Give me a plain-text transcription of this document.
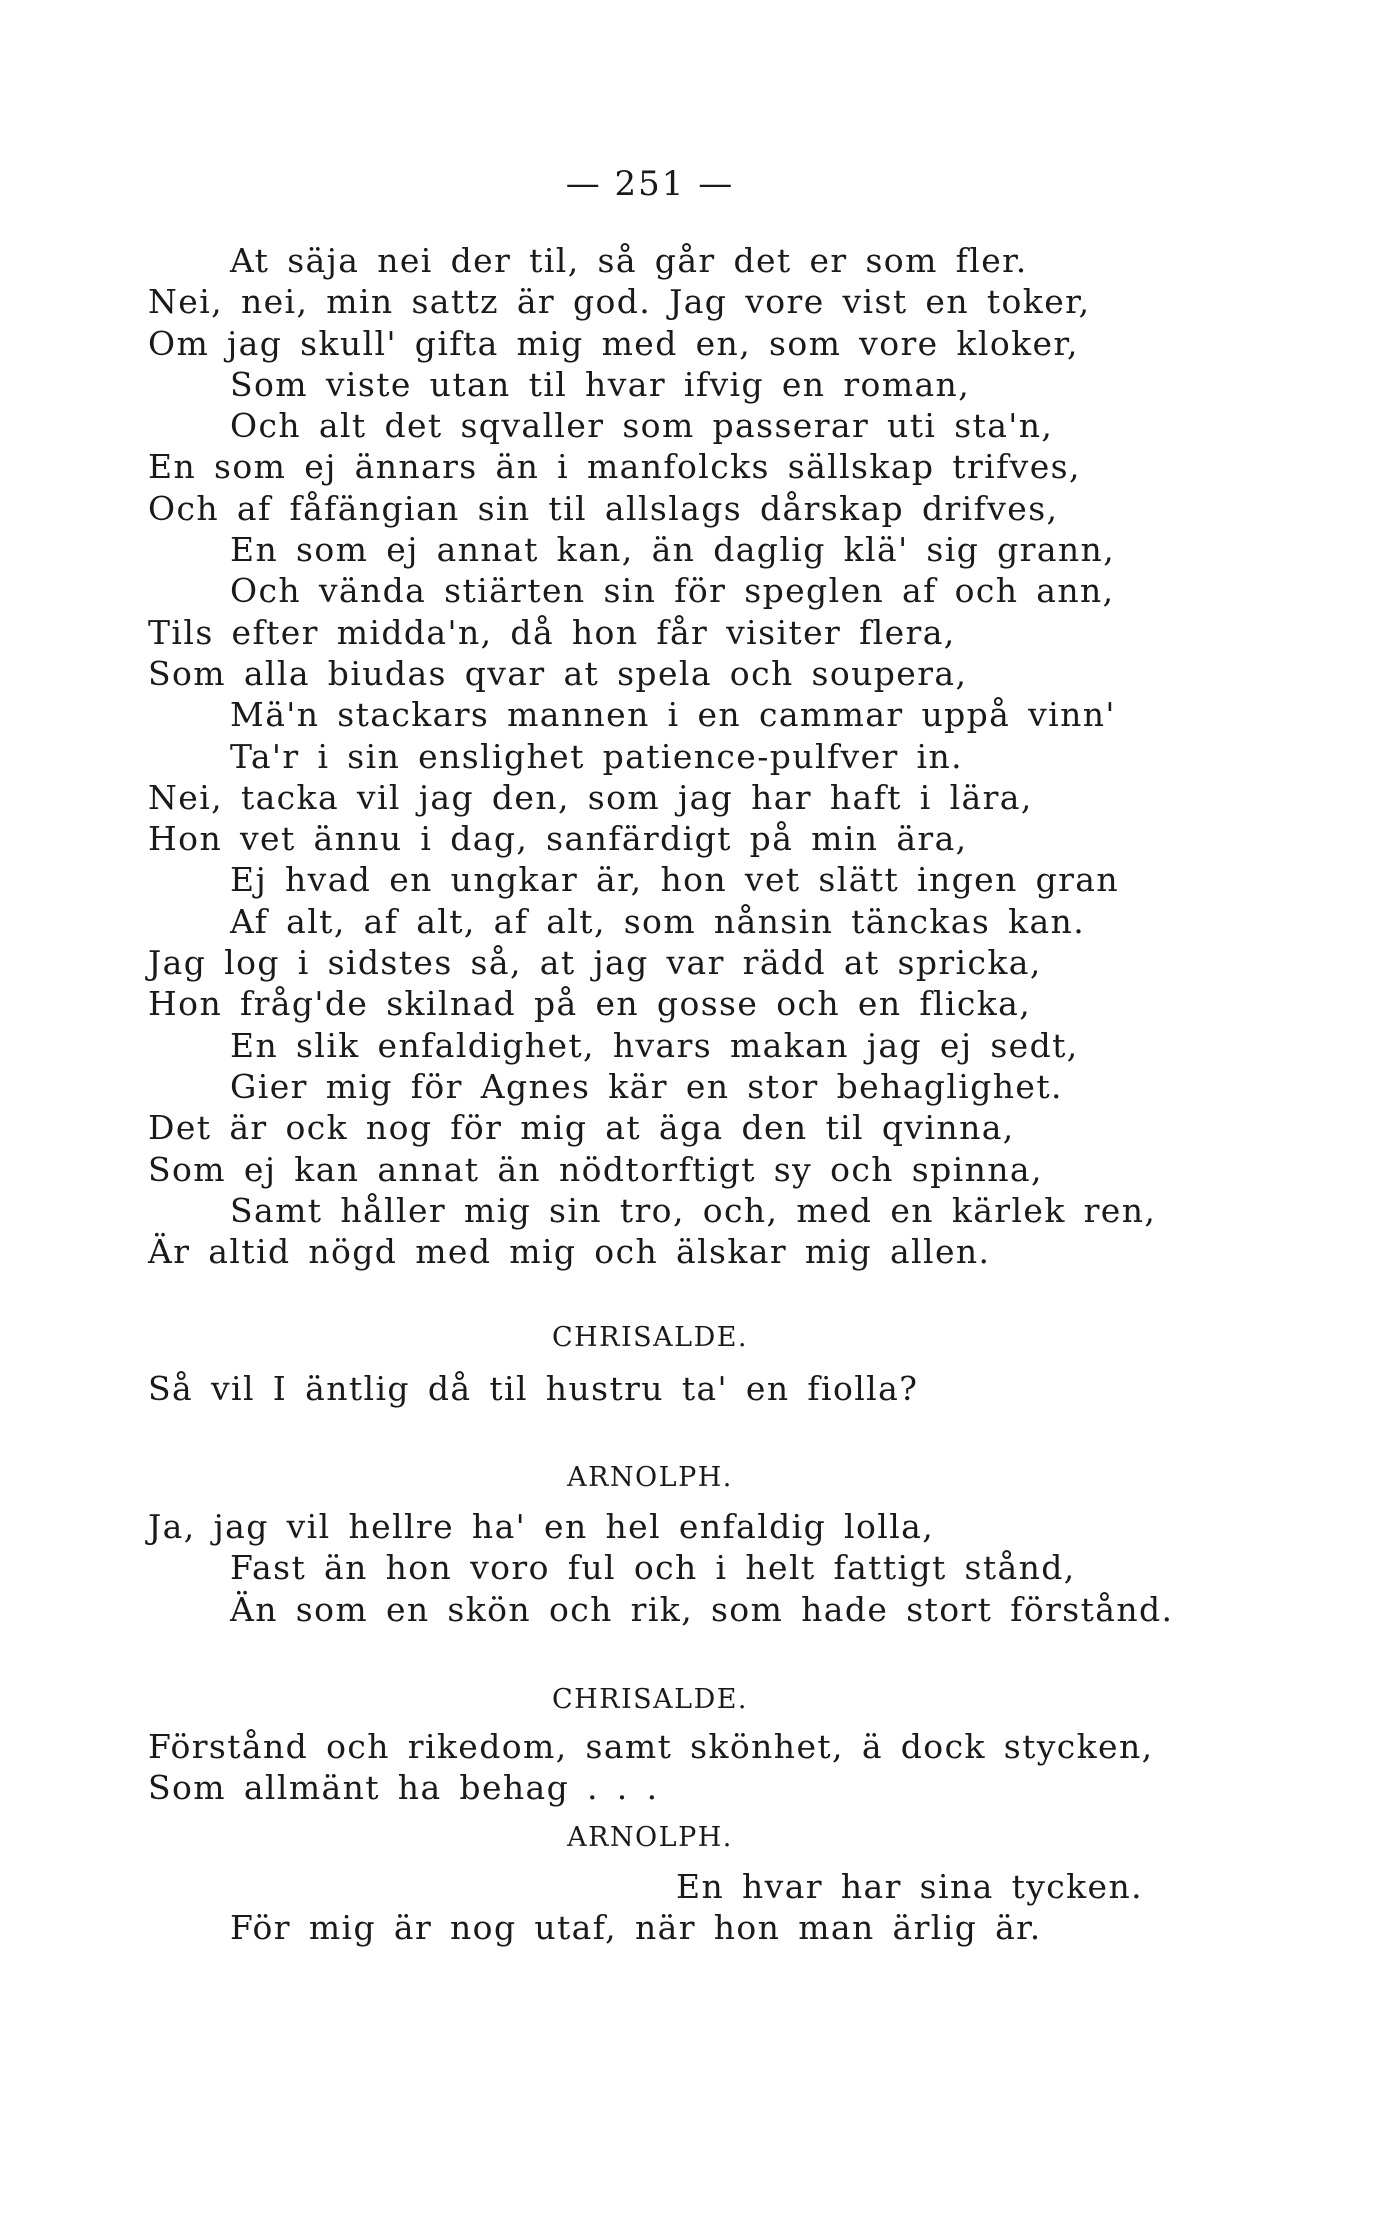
— 251 —
At säja nei der til, så går det er som fler.
Nei, nei, min sattz är god. Jag vore vist en toker,
Om jag skull' gifta mig med en, som vore kloker,
Som viste utan til hvar ifvig en roman,
Och alt det sqvaller som passerar uti sta'n,
En som ej ännars än i manfolcks sällskap trifves,
Och af fåfängian sin til allslags dårskap drifves,
En som ej annat kan, än daglig klä' sig grann,
Och vända stiärten sin för speglen af och ann,
Tils efter midda'n, då hon får visiter flera,
Som alla biudas qvar at spela och soupera,
Mä'n stackars mannen i en cammar uppå vinn'
Ta'r i sin enslighet patience-pulfver in.
Nei, tacka vil jag den, som jag har haft i lära,
Hon vet ännu i dag, sanfärdigt på min ära,
Ej hvad en ungkar är, hon vet slätt ingen gran
Af alt, af alt, af alt, som nånsin tänckas kan.
Jag log i sidstes så, at jag var rädd at spricka,
Hon fråg'de skilnad på en gosse och en flicka,
En slik enfaldighet, hvars makan jag ej sedt,
Gier mig för Agnes kär en stor behaglighet.
Det är ock nog för mig at äga den til qvinna,
Som ej kan annat än nödtorftigt sy och spinna,
Samt håller mig sin tro, och, med en kärlek ren,
Är altid nögd med mig och älskar mig allen.
CHRISALDE.
Så vil I äntlig då til hustru ta' en fiolla?
ARNOLPH.
Ja, jag vil hellre ha' en hel enfaldig lolla,
Fast än hon voro ful och i helt fattigt stånd,
Än som en skön och rik, som hade stort förstånd.
CHRISALDE.
Förstånd och rikedom, samt skönhet, ä dock stycken,
Som allmänt ha behag . . .
ARNOLPH.
En hvar har sina tycken.
För mig är nog utaf, när hon man ärlig är.
